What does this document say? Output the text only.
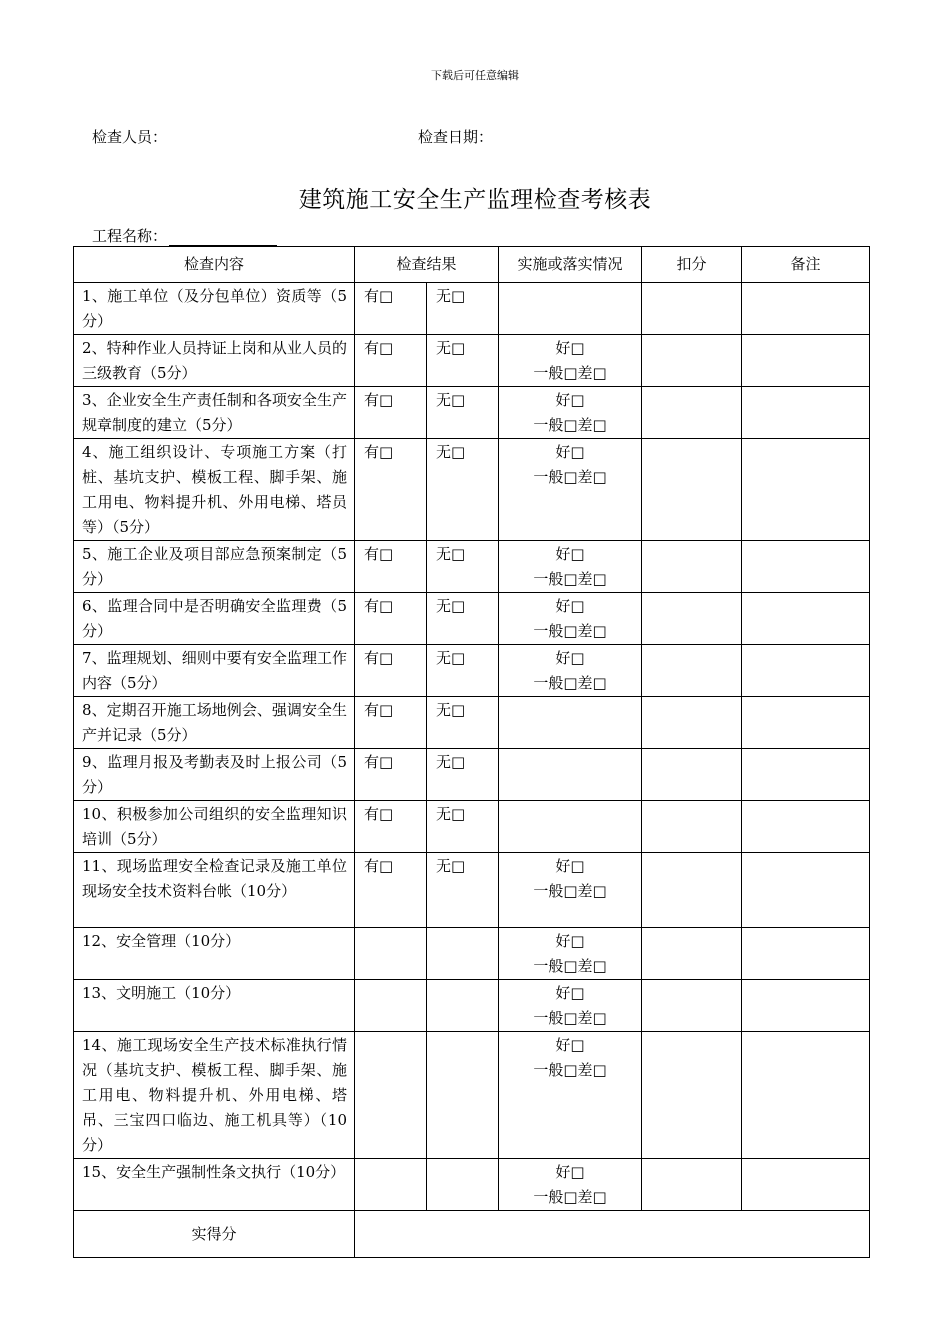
下载后可任意编辑
检查人员：	检查日期：
建筑施工安全生产监理检查考核表
工程名称：
检查内容	检查结果		实施或落实情况	扣分	备注
1、施工单位（及分包单位）资质等（5分）	有□	无□			
2、特种作业人员持证上岗和从业人员的三级教育（5分）	有□	无□	好□
一般□差□		

3、企业安全生产责任制和各项安全生产规章制度的建立（5分）	有□	无□	好□
一般□差□		

4、施工组织设计、专项施工方案（打桩、基坑支护、模板工程、脚手架、施工用电、物料提升机、外用电梯、塔员等）（5分）	有□	无□	好□
一般□差□		

5、施工企业及项目部应急预案制定（5分）	有□	无□	好□
一般□差□		

6、监理合同中是否明确安全监理费（5分）	有□	无□	好□
一般□差□		

7、监理规划、细则中要有安全监理工作内容（5分）	有□	无□	好□
一般□差□		

8、定期召开施工场地例会、强调安全生产并记录（5分）	有□	无□			
9、监理月报及考勤表及时上报公司（5分）	有□	无□			
10、积极参加公司组织的安全监理知识培训（5分）	有□	无□			
11、现场监理安全检查记录及施工单位现场安全技术资料台帐（10分）	有□	无□	好□
一般□差□		

12、安全管理（10分）			好□
一般□差□		

13、文明施工（10分）			好□
一般□差□		

14、施工现场安全生产技术标准执行情况（基坑支护、模板工程、脚手架、施工用电、物料提升机、外用电梯、塔吊、三宝四口临边、施工机具等）（10分）			好□
一般□差□		

15、安全生产强制性条文执行（10分）			好□
一般□差□		

实得分					
